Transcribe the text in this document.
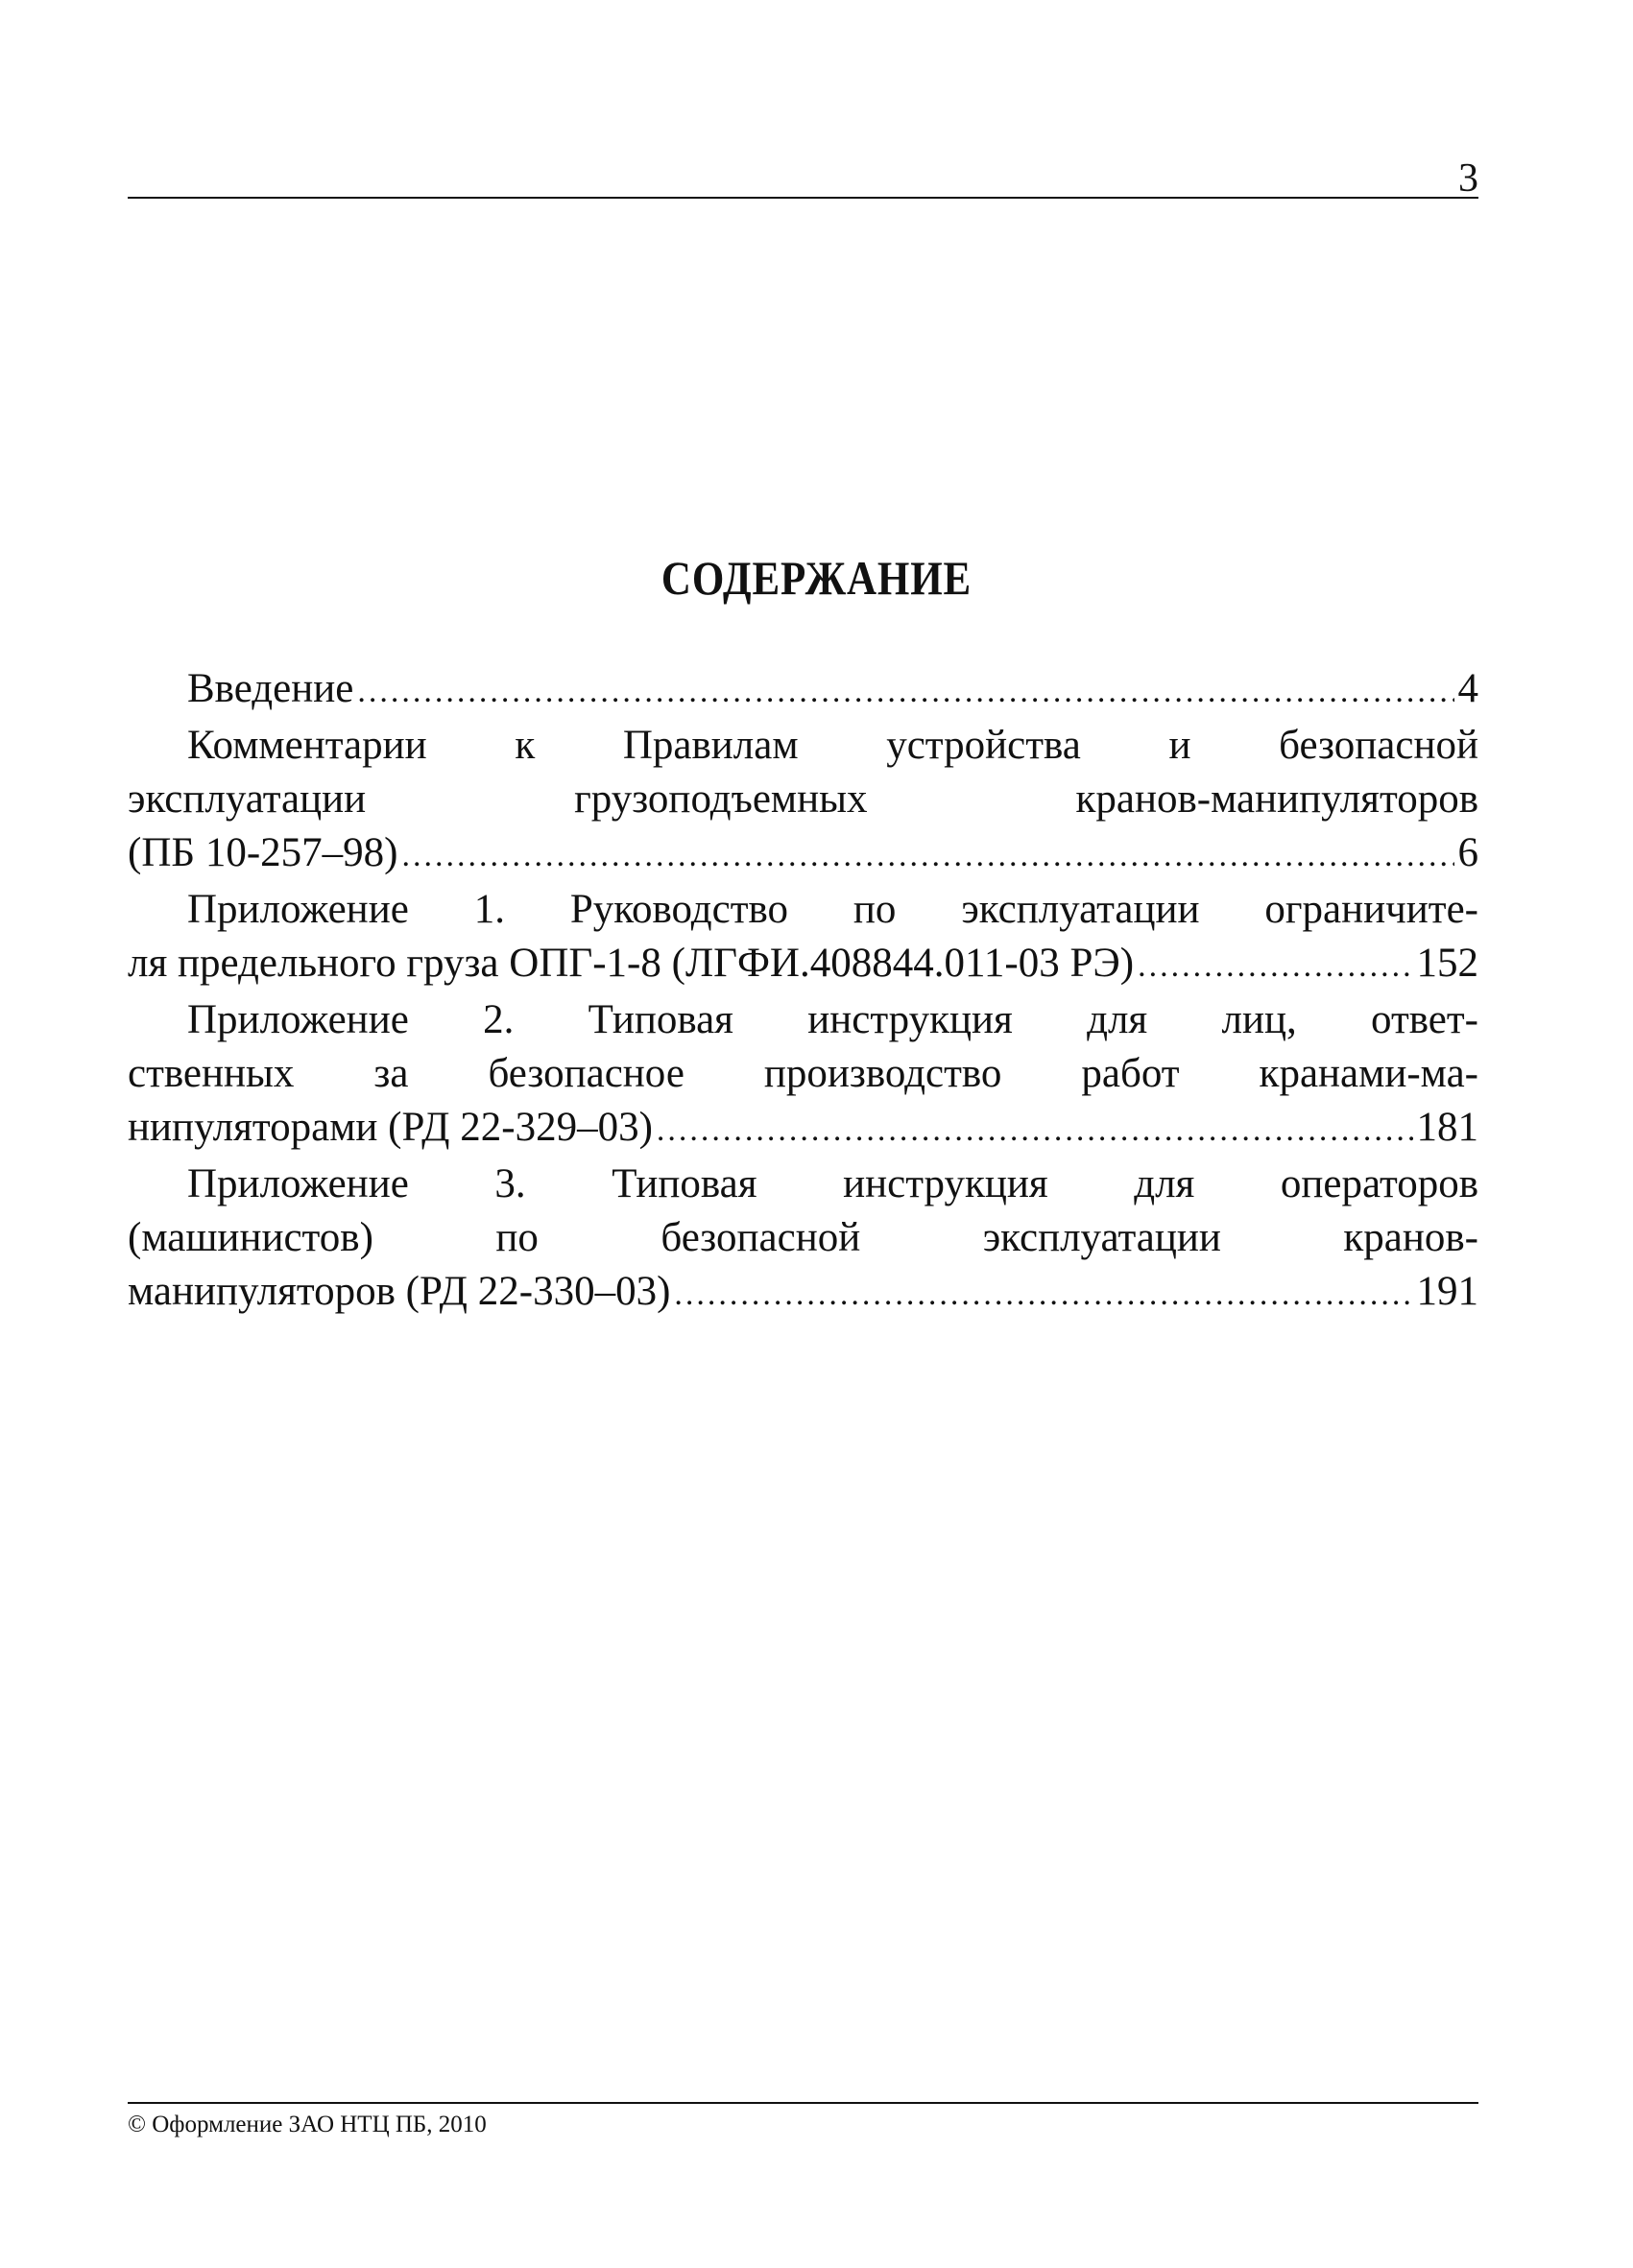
3
СОДЕРЖАНИЕ
Введение .....	4
Комментарии к Правилам устройства и безопасной
эксплуатации грузоподъемных кранов-манипуляторов
(ПБ 10-257–98) .....	6
Приложение 1. Руководство по эксплуатации ограничите-
ля предельного груза ОПГ-1-8 (ЛГФИ.408844.011-03 РЭ) .....	152
Приложение 2. Типовая инструкция для лиц, ответ-
ственных за безопасное производство работ кранами-ма-
нипуляторами (РД 22-329–03) .....	181
Приложение 3. Типовая инструкция для операторов
(машинистов) по безопасной эксплуатации кранов-
манипуляторов (РД 22-330–03) .....	191
© Оформление ЗАО НТЦ ПБ, 2010
